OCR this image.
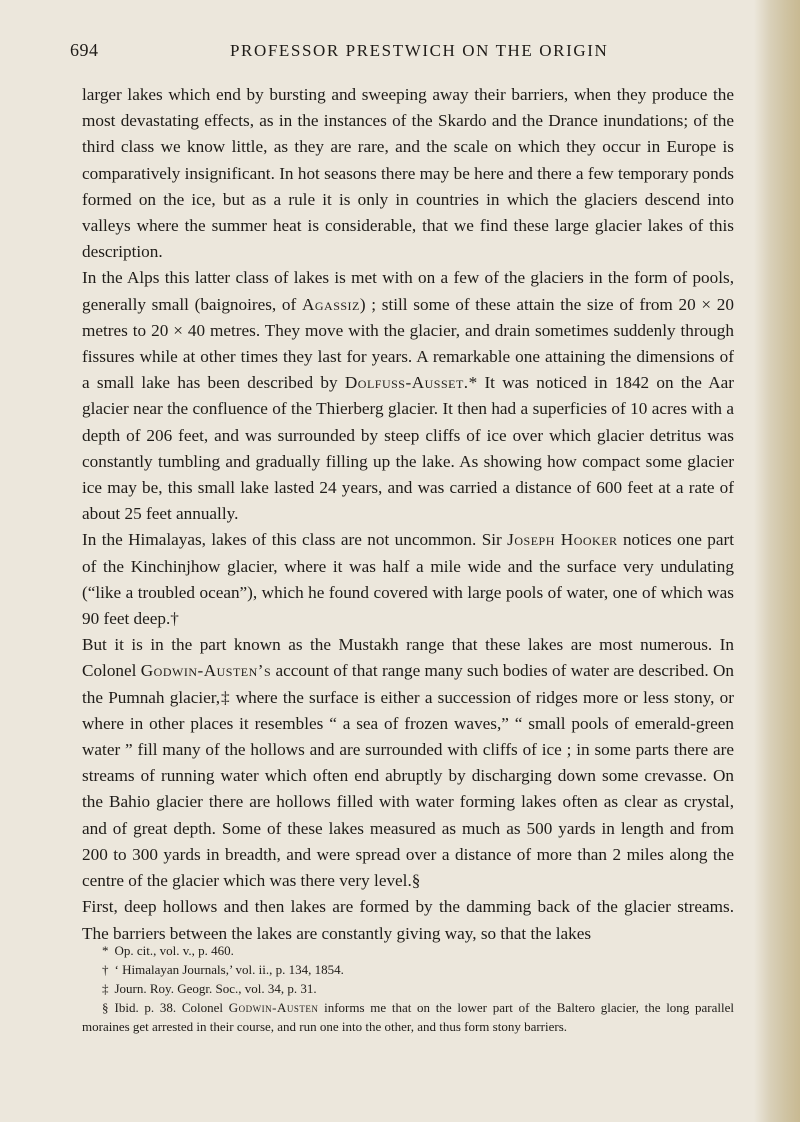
694	PROFESSOR PRESTWICH ON THE ORIGIN

larger lakes which end by bursting and sweeping away their barriers, when they produce the most devastating effects, as in the instances of the Skardo and the Drance inundations; of the third class we know little, as they are rare, and the scale on which they occur in Europe is comparatively insignificant. In hot seasons there may be here and there a few temporary ponds formed on the ice, but as a rule it is only in countries in which the glaciers descend into valleys where the summer heat is considerable, that we find these large glacier lakes of this description.

In the Alps this latter class of lakes is met with on a few of the glaciers in the form of pools, generally small (baignoires, of Agassiz) ; still some of these attain the size of from 20 × 20 metres to 20 × 40 metres. They move with the glacier, and drain sometimes suddenly through fissures while at other times they last for years. A remarkable one attaining the dimensions of a small lake has been described by Dolfuss-Ausset.* It was noticed in 1842 on the Aar glacier near the confluence of the Thierberg glacier. It then had a superficies of 10 acres with a depth of 206 feet, and was surrounded by steep cliffs of ice over which glacier detritus was constantly tumbling and gradually filling up the lake. As showing how compact some glacier ice may be, this small lake lasted 24 years, and was carried a distance of 600 feet at a rate of about 25 feet annually.

In the Himalayas, lakes of this class are not uncommon. Sir Joseph Hooker notices one part of the Kinchinjhow glacier, where it was half a mile wide and the surface very undulating (“like a troubled ocean”), which he found covered with large pools of water, one of which was 90 feet deep.†

But it is in the part known as the Mustakh range that these lakes are most numerous. In Colonel Godwin-Austen’s account of that range many such bodies of water are described. On the Pumnah glacier,‡ where the surface is either a succession of ridges more or less stony, or where in other places it resembles “ a sea of frozen waves,” “ small pools of emerald-green water ” fill many of the hollows and are surrounded with cliffs of ice ; in some parts there are streams of running water which often end abruptly by discharging down some crevasse. On the Bahio glacier there are hollows filled with water forming lakes often as clear as crystal, and of great depth. Some of these lakes measured as much as 500 yards in length and from 200 to 300 yards in breadth, and were spread over a distance of more than 2 miles along the centre of the glacier which was there very level.§

First, deep hollows and then lakes are formed by the damming back of the glacier streams. The barriers between the lakes are constantly giving way, so that the lakes

* Op. cit., vol. v., p. 460.

† ‘ Himalayan Journals,’ vol. ii., p. 134, 1854.

‡ Journ. Roy. Geogr. Soc., vol. 34, p. 31.

§ Ibid. p. 38. Colonel Godwin-Austen informs me that on the lower part of the Baltero glacier, the long parallel moraines get arrested in their course, and run one into the other, and thus form stony barriers.
